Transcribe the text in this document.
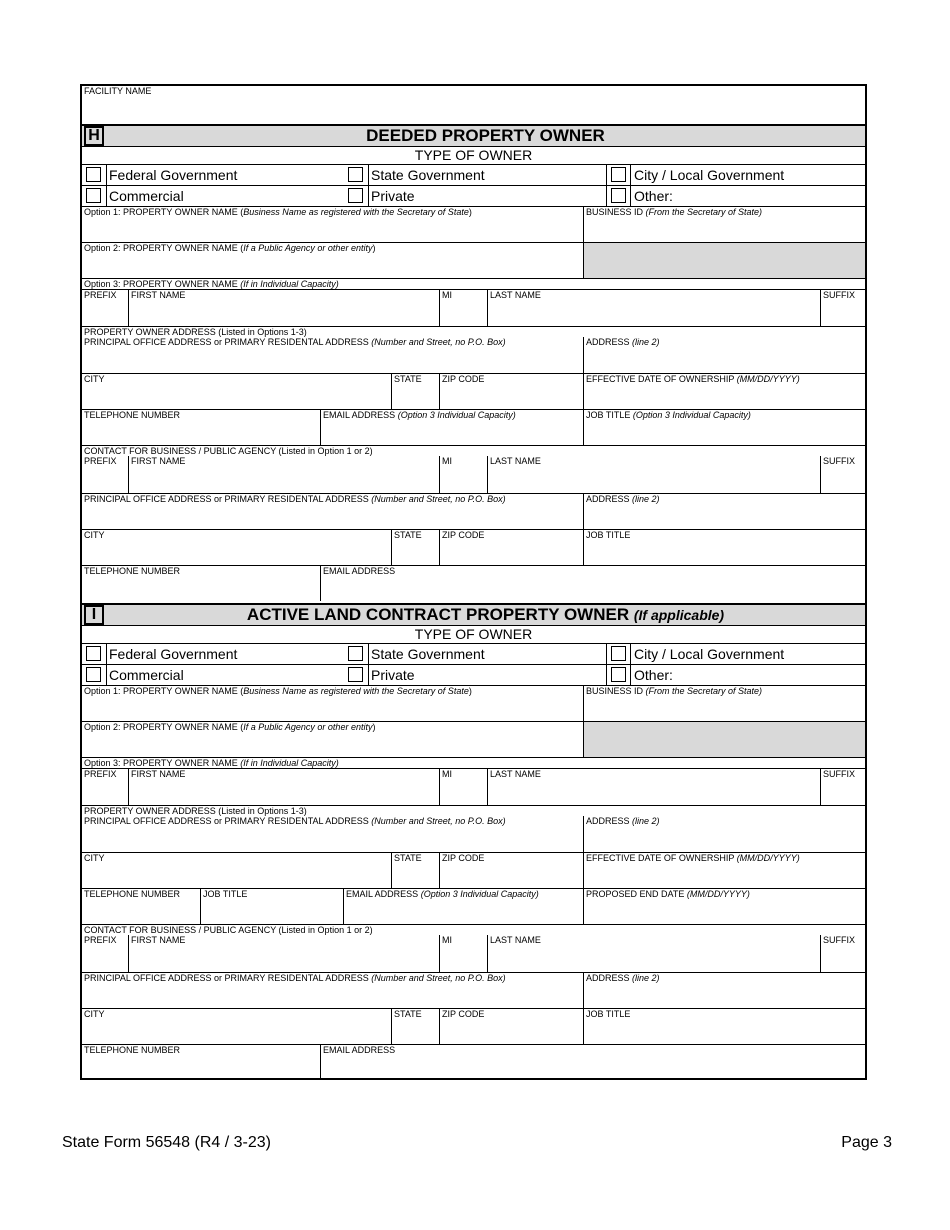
FACILITY NAME
H	DEEDED PROPERTY OWNER
TYPE OF OWNER
Federal Government	State Government	City / Local Government
Commercial	Private	Other:
Option 1: PROPERTY OWNER NAME (Business Name as registered with the Secretary of State)	BUSINESS ID (From the Secretary of State)
Option 2: PROPERTY OWNER NAME (If a Public Agency or other entity)
Option 3: PROPERTY OWNER NAME (If in Individual Capacity)
PREFIX FIRST NAME	MI	LAST NAME	SUFFIX
PROPERTY OWNER ADDRESS (Listed in Options 1-3)
PRINCIPAL OFFICE ADDRESS or PRIMARY RESIDENTAL ADDRESS (Number and Street, no P.O. Box)	ADDRESS (line 2)
CITY	STATE ZIP CODE	EFFECTIVE DATE OF OWNERSHIP (MM/DD/YYYY)
TELEPHONE NUMBER	EMAIL ADDRESS (Option 3 Individual Capacity)	JOB TITLE (Option 3 Individual Capacity)
CONTACT FOR BUSINESS / PUBLIC AGENCY (Listed in Option 1 or 2)
PREFIX FIRST NAME	MI	LAST NAME	SUFFIX
PRINCIPAL OFFICE ADDRESS or PRIMARY RESIDENTAL ADDRESS (Number and Street, no P.O. Box)	ADDRESS (line 2)
CITY	STATE ZIP CODE	JOB TITLE
TELEPHONE NUMBER	EMAIL ADDRESS
I	ACTIVE LAND CONTRACT PROPERTY OWNER (If applicable)
TYPE OF OWNER
Federal Government	State Government	City / Local Government
Commercial	Private	Other:
Option 1: PROPERTY OWNER NAME (Business Name as registered with the Secretary of State)	BUSINESS ID (From the Secretary of State)
Option 2: PROPERTY OWNER NAME (If a Public Agency or other entity)
Option 3: PROPERTY OWNER NAME (If in Individual Capacity)
PREFIX FIRST NAME	MI	LAST NAME	SUFFIX
PROPERTY OWNER ADDRESS (Listed in Options 1-3)
PRINCIPAL OFFICE ADDRESS or PRIMARY RESIDENTAL ADDRESS (Number and Street, no P.O. Box)	ADDRESS (line 2)
CITY	STATE ZIP CODE	EFFECTIVE DATE OF OWNERSHIP (MM/DD/YYYY)
TELEPHONE NUMBER	JOB TITLE	EMAIL ADDRESS (Option 3 Individual Capacity)	PROPOSED END DATE (MM/DD/YYYY)
CONTACT FOR BUSINESS / PUBLIC AGENCY (Listed in Option 1 or 2)
PREFIX FIRST NAME	MI	LAST NAME	SUFFIX
PRINCIPAL OFFICE ADDRESS or PRIMARY RESIDENTAL ADDRESS (Number and Street, no P.O. Box)	ADDRESS (line 2)
CITY	STATE ZIP CODE	JOB TITLE
TELEPHONE NUMBER	EMAIL ADDRESS
State Form 56548 (R4 / 3-23)	Page 3
